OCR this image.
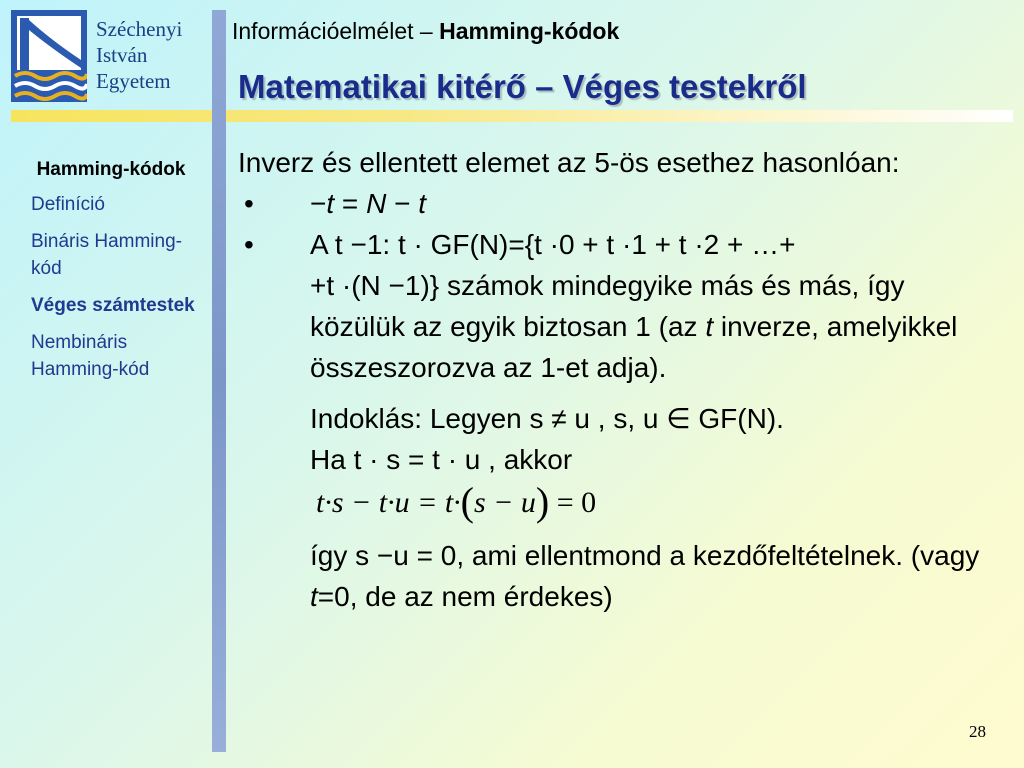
Széchenyi
István
Egyetem
Információelmélet – Hamming-kódok
Matematikai kitérő – Véges testekről
Hamming-kódok
Definíció
Bináris Hamming-kód
Véges számtestek
Nembináris Hamming-kód
Inverz és ellentett elemet az 5-ös esethez hasonlóan:
• −t = N − t
• A t −1: t · GF(N)={t ·0 + t ·1 + t ·2 + …+
+t ·(N −1)} számok mindegyike más és más, így közülük az egyik biztosan 1 (az t inverze, amelyikkel összeszorozva az 1-et adja).
Indoklás: Legyen s ≠ u , s, u ∈ GF(N).
Ha t · s = t · u , akkor
t·s − t·u = t·(s − u) = 0
így s −u = 0, ami ellentmond a kezdőfeltételnek. (vagy t=0, de az nem érdekes)
28
